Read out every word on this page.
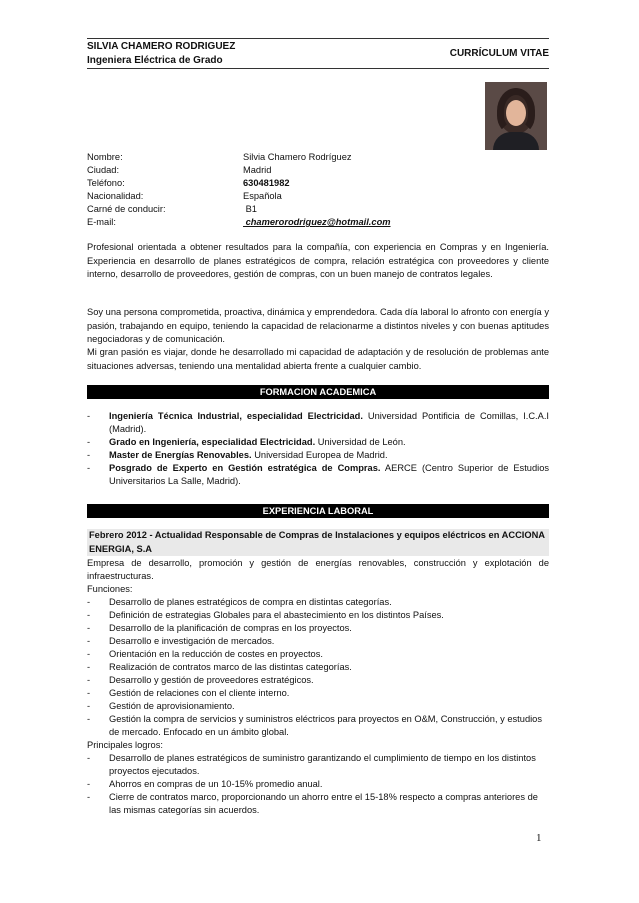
SILVIA CHAMERO RODRIGUEZ
Ingeniera Eléctrica de Grado
CURRÍCULUM VITAE
Nombre:	Silvia Chamero Rodríguez
Ciudad:	Madrid
Teléfono:	630481982
Nacionalidad:	Española
Carné de conducir:	B1
E-mail:	chamerorodriguez@hotmail.com
Profesional orientada a obtener resultados para la compañía, con experiencia en Compras y en Ingeniería. Experiencia en desarrollo de planes estratégicos de compra, relación estratégica con proveedores y cliente interno, desarrollo de proveedores, gestión de compras, con un buen manejo de contratos legales.
Soy una persona comprometida, proactiva, dinámica y emprendedora. Cada día laboral lo afronto con energía y pasión, trabajando en equipo, teniendo la capacidad de relacionarme a distintos niveles y con buenas aptitudes negociadoras y de comunicación.
Mi gran pasión es viajar, donde he desarrollado mi capacidad de adaptación y de resolución de problemas ante situaciones adversas, teniendo una mentalidad abierta frente a cualquier cambio.
FORMACION ACADEMICA
-	Ingeniería Técnica Industrial, especialidad Electricidad. Universidad Pontificia de Comillas, I.C.A.I (Madrid).
-	Grado en Ingeniería, especialidad Electricidad. Universidad de León.
-	Master de Energías Renovables. Universidad Europea de Madrid.
-	Posgrado de Experto en Gestión estratégica de Compras. AERCE (Centro Superior de Estudios Universitarios La Salle, Madrid).
EXPERIENCIA LABORAL
Febrero 2012 - Actualidad Responsable de Compras de Instalaciones y equipos eléctricos en ACCIONA ENERGIA, S.A
Empresa de desarrollo, promoción y gestión de energías renovables, construcción y explotación de infraestructuras.
Funciones:
-	Desarrollo de planes estratégicos de compra en distintas categorías.
-	Definición de estrategias Globales para el abastecimiento en los distintos Países.
-	Desarrollo de la planificación de compras en los proyectos.
-	Desarrollo e investigación de mercados.
-	Orientación en la reducción de costes en proyectos.
-	Realización de contratos marco de las distintas categorías.
-	Desarrollo y gestión de proveedores estratégicos.
-	Gestión de relaciones con el cliente interno.
-	Gestión de aprovisionamiento.
-	Gestión la compra de servicios y suministros eléctricos para proyectos en O&M, Construcción, y estudios de mercado. Enfocado en un ámbito global.
Principales logros:
-	Desarrollo de planes estratégicos de suministro garantizando el cumplimiento de tiempo en los distintos proyectos ejecutados.
-	Ahorros en compras de un 10-15% promedio anual.
-	Cierre de contratos marco, proporcionando un ahorro entre el 15-18% respecto a compras anteriores de las mismas categorías sin acuerdos.
1
